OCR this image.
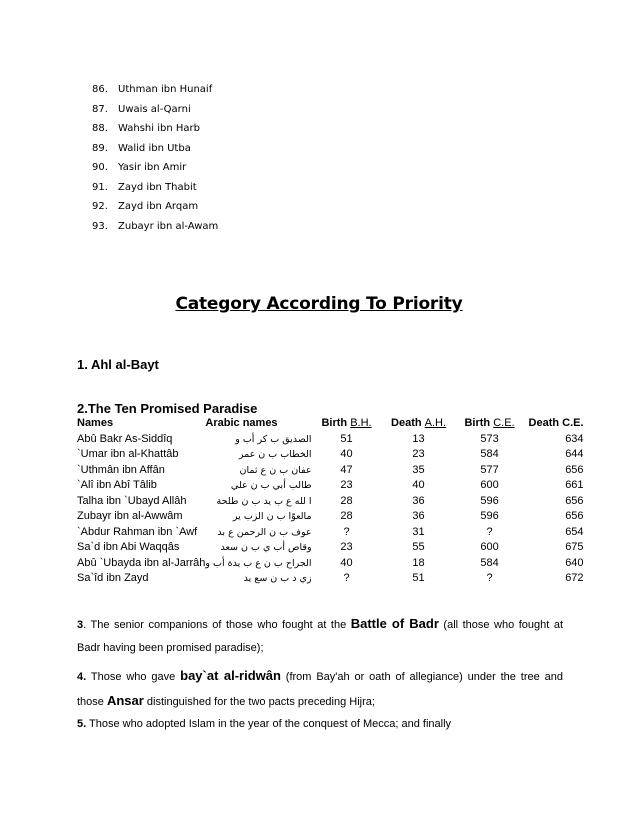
86. Uthman ibn Hunaif
87. Uwais al-Qarni
88. Wahshi ibn Harb
89. Walid ibn Utba
90. Yasir ibn Amir
91. Zayd ibn Thabit
92. Zayd ibn Arqam
93. Zubayr ibn al-Awam
Category According To Priority
1. Ahl al-Bayt
2.The Ten Promised Paradise
Names	Arabic names	Birth B.H.	Death A.H.	Birth C.E.	Death C.E.
Abû Bakr As-Siddîq	الصديق ب كر أب و	51	13	573	634
`Umar ibn al-Khattâb	الخطاب ب ن عمر	40	23	584	644
`Uthmân ibn Affân	عفان ب ن ع ثمان	47	35	577	656
`Alî ibn Abî Tâlib	طالب أبي ب ن علي	23	40	600	661
Talha ibn `Ubayd Allâh	ا لله ع ب يد ب ن طلحة	28	36	596	656
Zubayr ibn al-Awwâm	مالعوّا ب ن الزب ير	28	36	596	656
`Abdur Rahman ibn `Awf	عوف ب ن الرحمن ع بد	?	31	?	654
Sa`d ibn Abi Waqqâs	وقاص أب ي ب ن سعد	23	55	600	675
Abû `Ubayda ibn al-Jarrâh	الجراح ب ن ع ب يدة أب و	40	18	584	640
Sa`îd ibn Zayd	زي د ب ن سع يد	?	51	?	672
3. The senior companions of those who fought at the Battle of Badr (all those who fought at Badr having been promised paradise);
4. Those who gave bay`at al-ridwân (from Bay'ah or oath of allegiance) under the tree and those Ansar distinguished for the two pacts preceding Hijra;
5. Those who adopted Islam in the year of the conquest of Mecca; and finally
